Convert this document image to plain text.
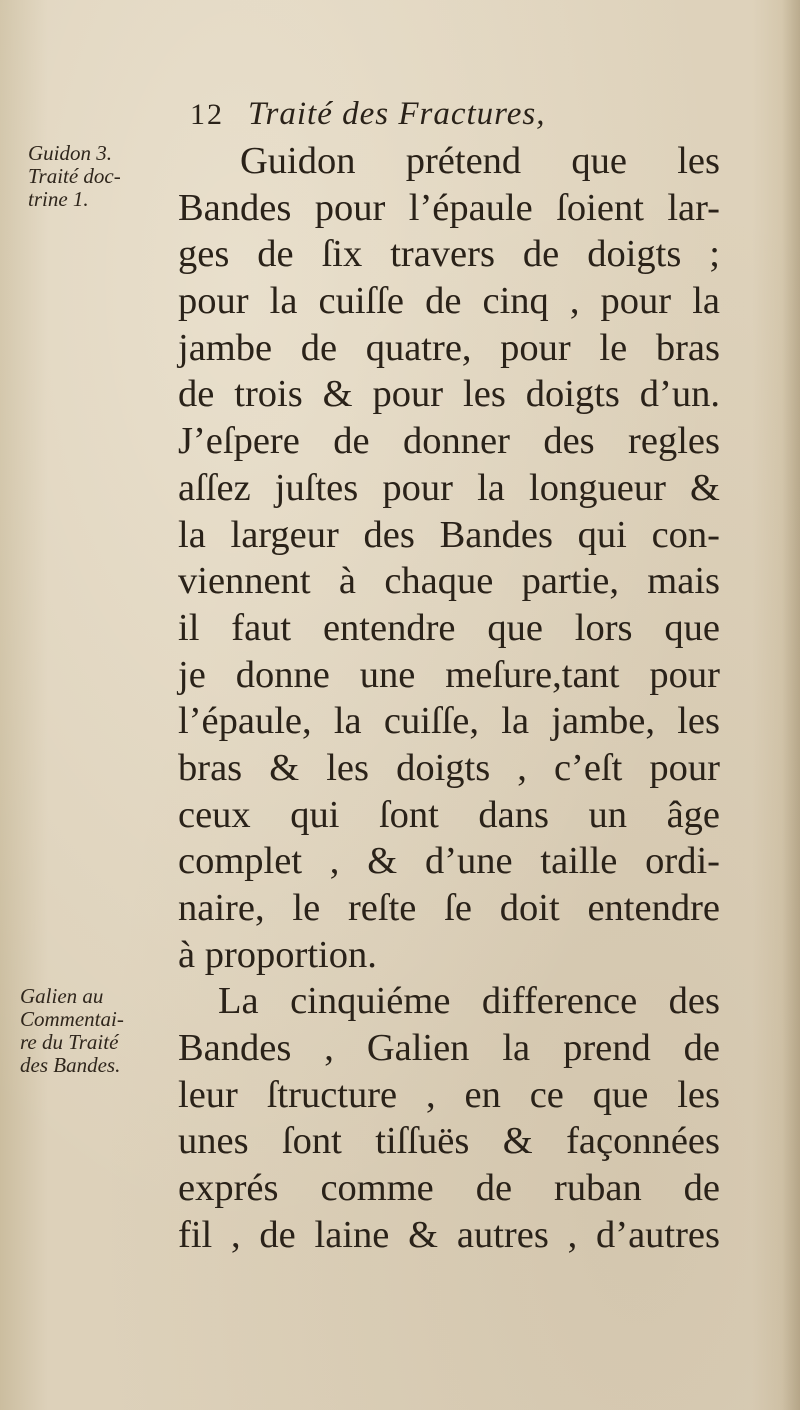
12 Traité des Fractures,
Guidon 3.
Traité doc-
trine 1.
Galien au
Commentai-
re du Traité
des Bandes.
Guidon prétend que les
Bandes pour l’épaule ſoient lar-
ges de ſix travers de doigts ;
pour la cuiſſe de cinq , pour la
jambe de quatre, pour le bras
de trois & pour les doigts d’un.
J’eſpere de donner des regles
aſſez juſtes pour la longueur &
la largeur des Bandes qui con-
viennent à chaque partie, mais
il faut entendre que lors que
je donne une meſure,tant pour
l’épaule, la cuiſſe, la jambe, les
bras & les doigts , c’eſt pour
ceux qui ſont dans un âge
complet , & d’une taille ordi-
naire, le reſte ſe doit entendre
à proportion.
La cinquiéme difference des
Bandes , Galien la prend de
leur ſtructure , en ce que les
unes ſont tiſſuës & façonnées
exprés comme de ruban de
fil , de laine & autres , d’autres
